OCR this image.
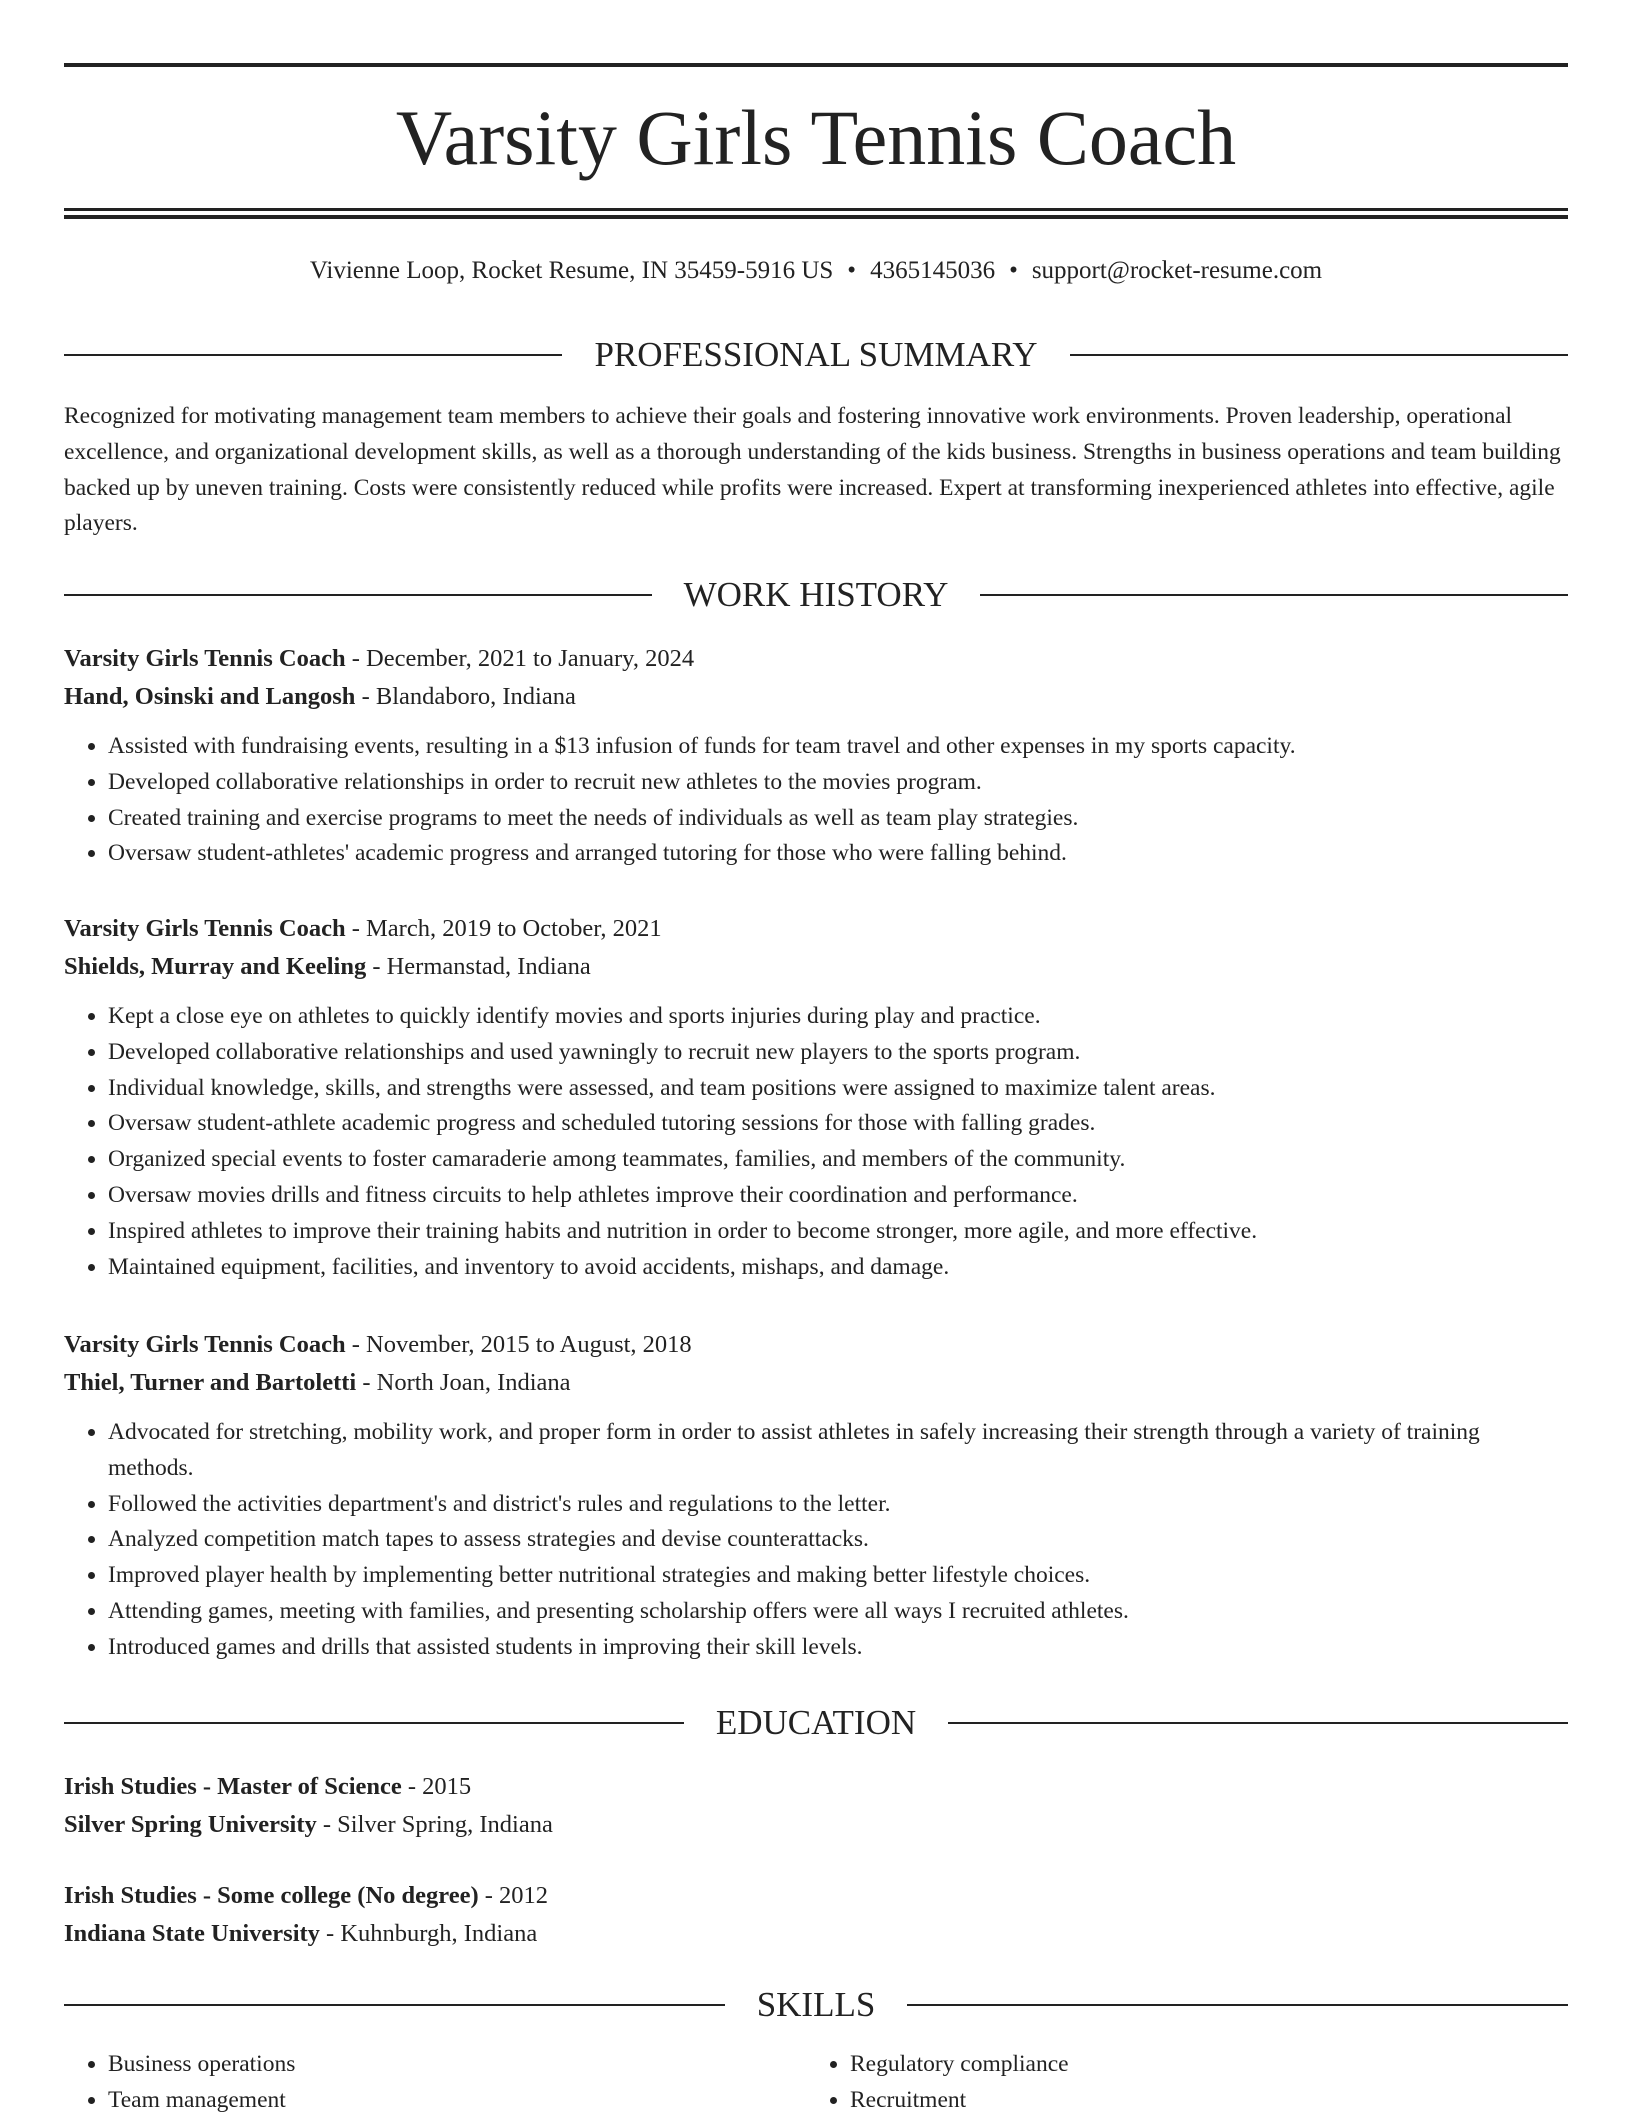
Varsity Girls Tennis Coach
Vivienne Loop, Rocket Resume, IN 35459-5916 US • 4365145036 • support@rocket-resume.com
PROFESSIONAL SUMMARY
Recognized for motivating management team members to achieve their goals and fostering innovative work environments. Proven leadership, operational excellence, and organizational development skills, as well as a thorough understanding of the kids business. Strengths in business operations and team building backed up by uneven training. Costs were consistently reduced while profits were increased. Expert at transforming inexperienced athletes into effective, agile players.
WORK HISTORY
Varsity Girls Tennis Coach - December, 2021 to January, 2024
Hand, Osinski and Langosh - Blandaboro, Indiana
• Assisted with fundraising events, resulting in a $13 infusion of funds for team travel and other expenses in my sports capacity.
• Developed collaborative relationships in order to recruit new athletes to the movies program.
• Created training and exercise programs to meet the needs of individuals as well as team play strategies.
• Oversaw student-athletes' academic progress and arranged tutoring for those who were falling behind.
Varsity Girls Tennis Coach - March, 2019 to October, 2021
Shields, Murray and Keeling - Hermanstad, Indiana
• Kept a close eye on athletes to quickly identify movies and sports injuries during play and practice.
• Developed collaborative relationships and used yawningly to recruit new players to the sports program.
• Individual knowledge, skills, and strengths were assessed, and team positions were assigned to maximize talent areas.
• Oversaw student-athlete academic progress and scheduled tutoring sessions for those with falling grades.
• Organized special events to foster camaraderie among teammates, families, and members of the community.
• Oversaw movies drills and fitness circuits to help athletes improve their coordination and performance.
• Inspired athletes to improve their training habits and nutrition in order to become stronger, more agile, and more effective.
• Maintained equipment, facilities, and inventory to avoid accidents, mishaps, and damage.
Varsity Girls Tennis Coach - November, 2015 to August, 2018
Thiel, Turner and Bartoletti - North Joan, Indiana
• Advocated for stretching, mobility work, and proper form in order to assist athletes in safely increasing their strength through a variety of training methods.
• Followed the activities department's and district's rules and regulations to the letter.
• Analyzed competition match tapes to assess strategies and devise counterattacks.
• Improved player health by implementing better nutritional strategies and making better lifestyle choices.
• Attending games, meeting with families, and presenting scholarship offers were all ways I recruited athletes.
• Introduced games and drills that assisted students in improving their skill levels.
EDUCATION
Irish Studies - Master of Science - 2015
Silver Spring University - Silver Spring, Indiana
Irish Studies - Some college (No degree) - 2012
Indiana State University - Kuhnburgh, Indiana
SKILLS
• Business operations
• Team management
• Regulatory compliance
• Recruitment
